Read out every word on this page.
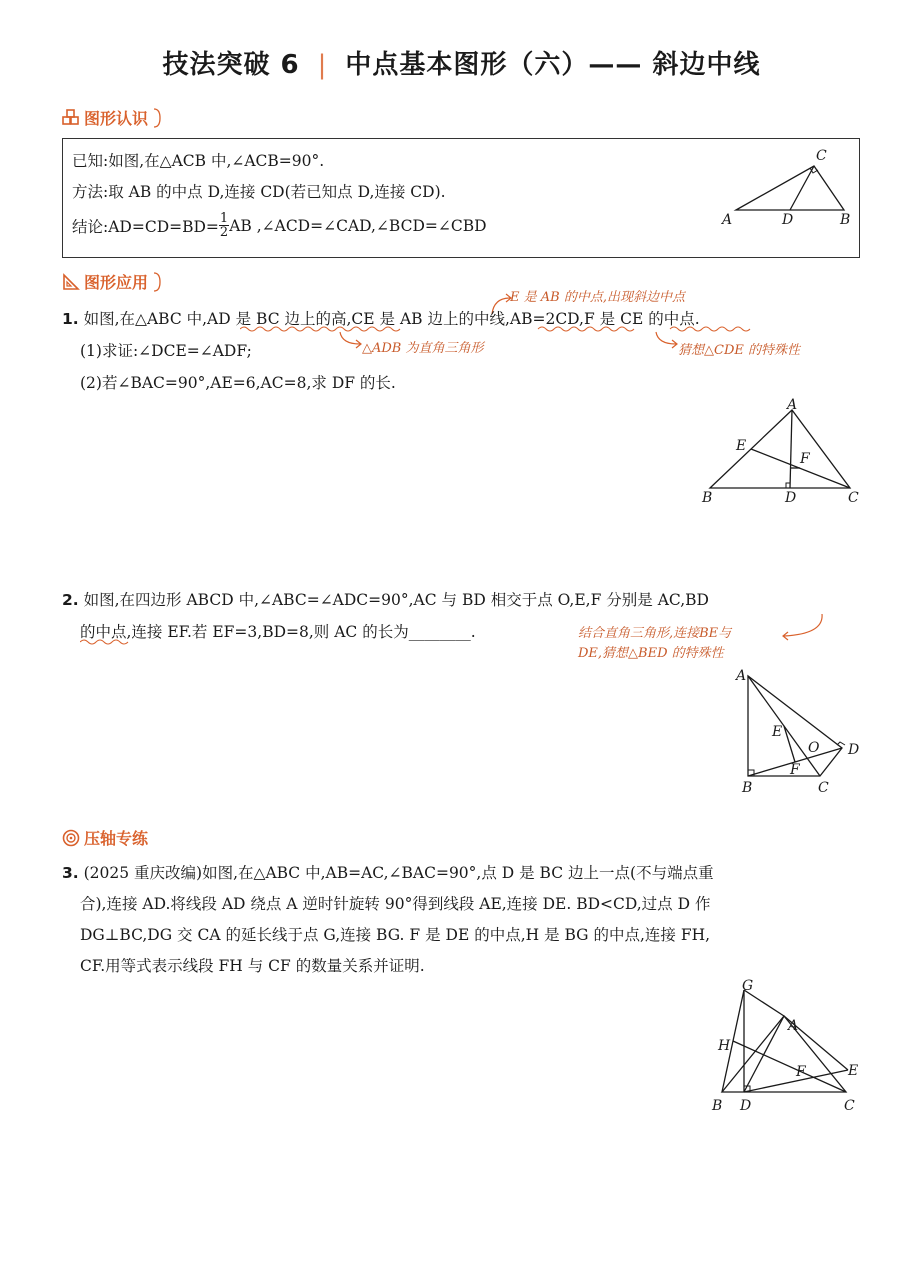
技法突破 6 | 中点基本图形（六）—— 斜边中线
图形认识
已知:如图,在△ACB 中,∠ACB=90°.
方法:取 AB 的中点 D,连接 CD(若已知点 D,连接 CD).
结论:AD=CD=BD= $\frac{1}{2}$ AB ,∠ACD=∠CAD,∠BCD=∠CBD
C
A	D	B
图形应用
E 是 AB 的中点,出现斜边中点
1. 如图,在△ABC 中,AD 是 BC 边上的高,CE 是 AB 边上的中线,AB=2CD,F 是 CE 的中点.
△ADB 为直角三角形	猜想△CDE 的特殊性
(1)求证:∠DCE=∠ADF;
(2)若∠BAC=90°,AE=6,AC=8,求 DF 的长.
A
E
F
B	D	C
2. 如图,在四边形 ABCD 中,∠ABC=∠ADC=90°,AC 与 BD 相交于点 O,E,F 分别是 AC,BD
的中点,连接 EF.若 EF=3,BD=8,则 AC 的长为________.	结合直角三角形,连接BE与
DE,猜想△BED 的特殊性
A
E
O D
F
B	C
压轴专练
3. (2025 重庆改编)如图,在△ABC 中,AB=AC,∠BAC=90°,点 D 是 BC 边上一点(不与端点重
合),连接 AD.将线段 AD 绕点 A 逆时针旋转 90°得到线段 AE,连接 DE. BD<CD,过点 D 作
DG⊥BC,DG 交 CA 的延长线于点 G,连接 BG. F 是 DE 的中点,H 是 BG 的中点,连接 FH,
CF.用等式表示线段 FH 与 CF 的数量关系并证明.
G
A
H
F	E
B D	C
